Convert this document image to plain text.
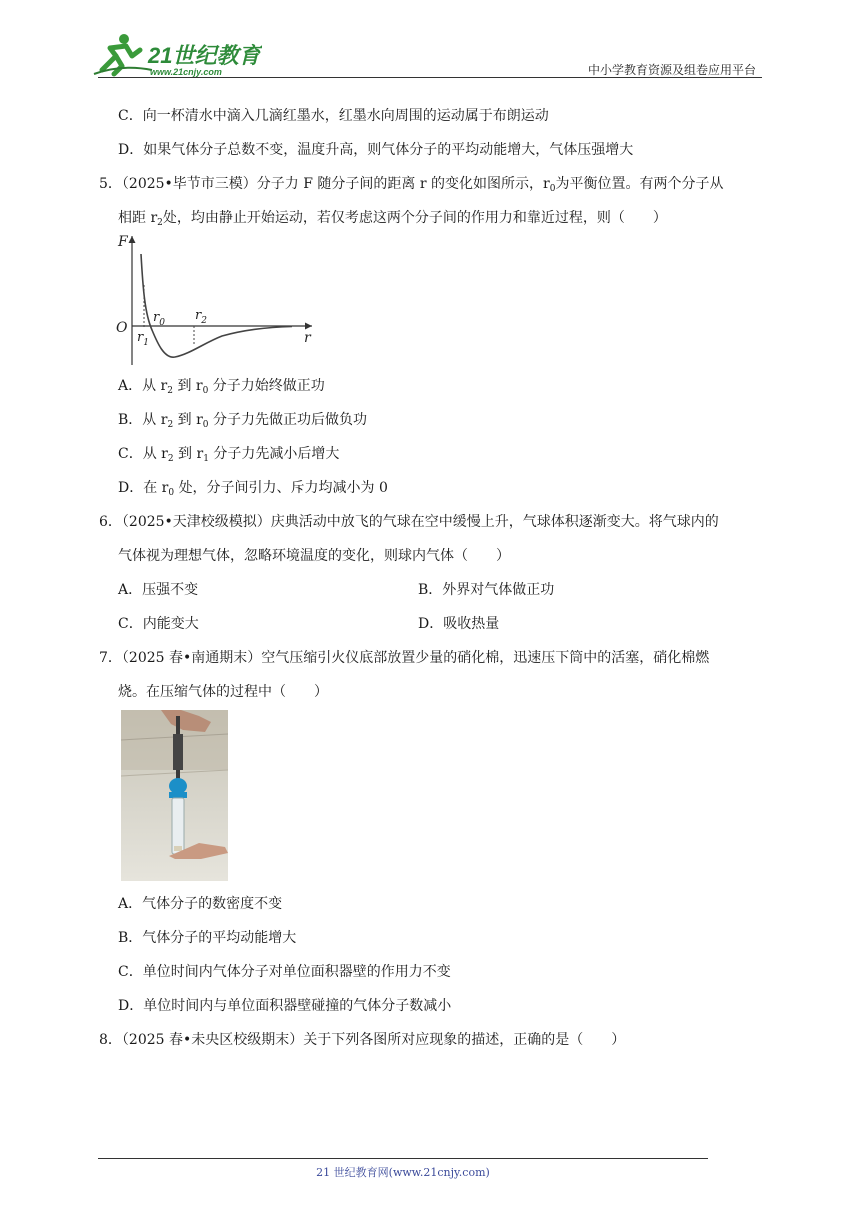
21世纪教育
www.21cnjy.com	中小学教育资源及组卷应用平台
C．向一杯清水中滴入几滴红墨水，红墨水向周围的运动属于布朗运动
D．如果气体分子总数不变，温度升高，则气体分子的平均动能增大，气体压强增大
5．（2025•毕节市三模）分子力 F 随分子间的距离 r 的变化如图所示，$r_0$为平衡位置。有两个分子从
相距 $r_2$处，均由静止开始运动，若仅考虑这两个分子间的作用力和靠近过程，则（　　）
F
O
r
$r_0$ $r_2$
$r_1$
A．从 $r_2$ 到 $r_0$ 分子力始终做正功
B．从 $r_2$ 到 $r_0$ 分子力先做正功后做负功
C．从 $r_2$ 到 $r_1$ 分子力先减小后增大
D．在 $r_0$ 处，分子间引力、斥力均减小为 0
6．（2025•天津校级模拟）庆典活动中放飞的气球在空中缓慢上升，气球体积逐渐变大。将气球内的
气体视为理想气体，忽略环境温度的变化，则球内气体（　　）
A．压强不变	B．外界对气体做正功
C．内能变大	D．吸收热量
7．（2025 春•南通期末）空气压缩引火仪底部放置少量的硝化棉，迅速压下筒中的活塞，硝化棉燃
烧。在压缩气体的过程中（　　）
A．气体分子的数密度不变
B．气体分子的平均动能增大
C．单位时间内气体分子对单位面积器壁的作用力不变
D．单位时间内与单位面积器壁碰撞的气体分子数减小
8．（2025 春•未央区校级期末）关于下列各图所对应现象的描述，正确的是（　　）
21 世纪教育网(www.21cnjy.com)
